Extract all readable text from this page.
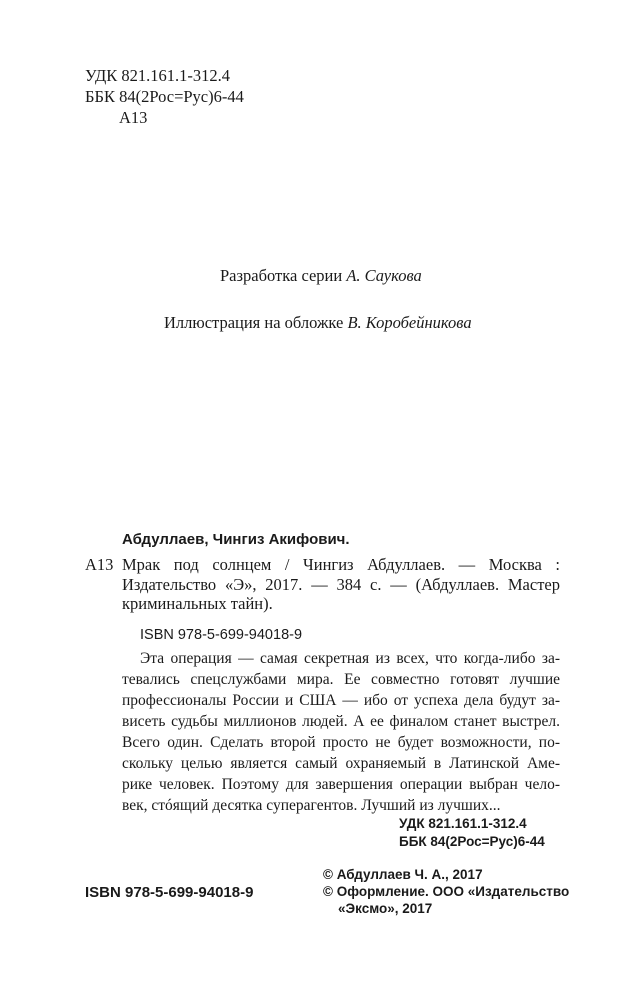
УДК 821.161.1-312.4
ББК 84(2Рос=Рус)6-44
А13
Разработка серии А. Саукова
Иллюстрация на обложке В. Коробейникова
Абдуллаев, Чингиз Акифович.
А13 Мрак под солнцем / Чингиз Абдуллаев. — Москва :
Издательство «Э», 2017. — 384 с. — (Абдуллаев. Мастер
криминальных тайн).
ISBN 978-5-699-94018-9
Эта операция — самая секретная из всех, что когда-либо за-
тевались спецслужбами мира. Ее совместно готовят лучшие
профессионалы России и США — ибо от успеха дела будут за-
висеть судьбы миллионов людей. А ее финалом станет выстрел.
Всего один. Сделать второй просто не будет возможности, по-
скольку целью является самый охраняемый в Латинской Аме-
рике человек. Поэтому для завершения операции выбран чело-
век, стóящий десятка суперагентов. Лучший из лучших...
УДК 821.161.1-312.4
ББК 84(2Рос=Рус)6-44
© Абдуллаев Ч. А., 2017
© Оформление. ООО «Издательство
«Эксмо», 2017
ISBN 978-5-699-94018-9
